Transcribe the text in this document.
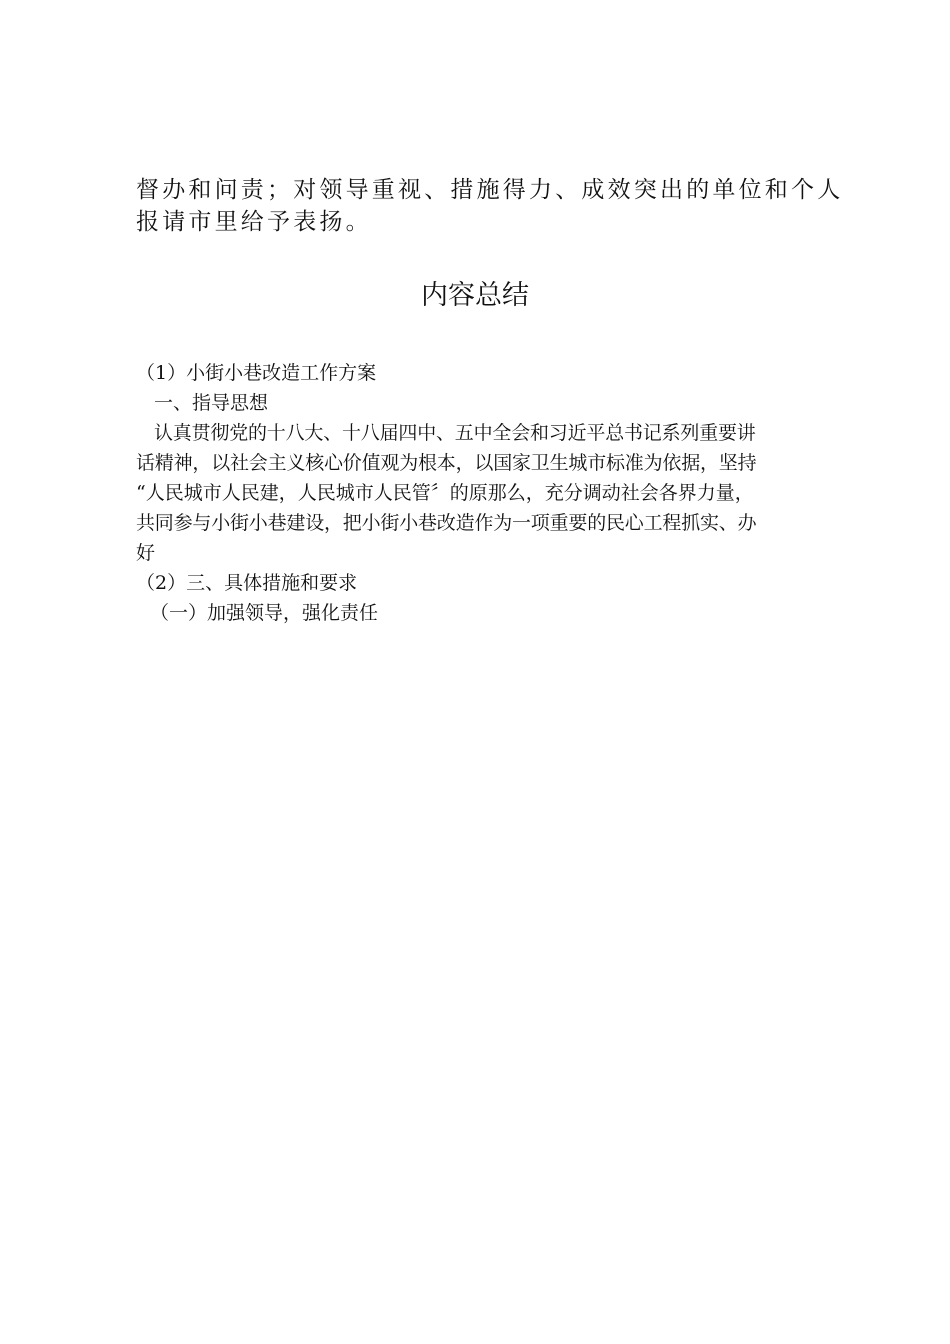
督办和问责；对领导重视、措施得力、成效突出的单位和个人

报请市里给予表扬。

内容总结

（1）小街小巷改造工作方案

一、指导思想

认真贯彻党的十八大、十八届四中、五中全会和习近平总书记系列重要讲

话精神，以社会主义核心价值观为根本，以国家卫生城市标准为依据，坚持

“人民城市人民建，人民城市人民管〞的原那么，充分调动社会各界力量，

共同参与小街小巷建设，把小街小巷改造作为一项重要的民心工程抓实、办

好

（2）三、具体措施和要求

（一）加强领导，强化责任
